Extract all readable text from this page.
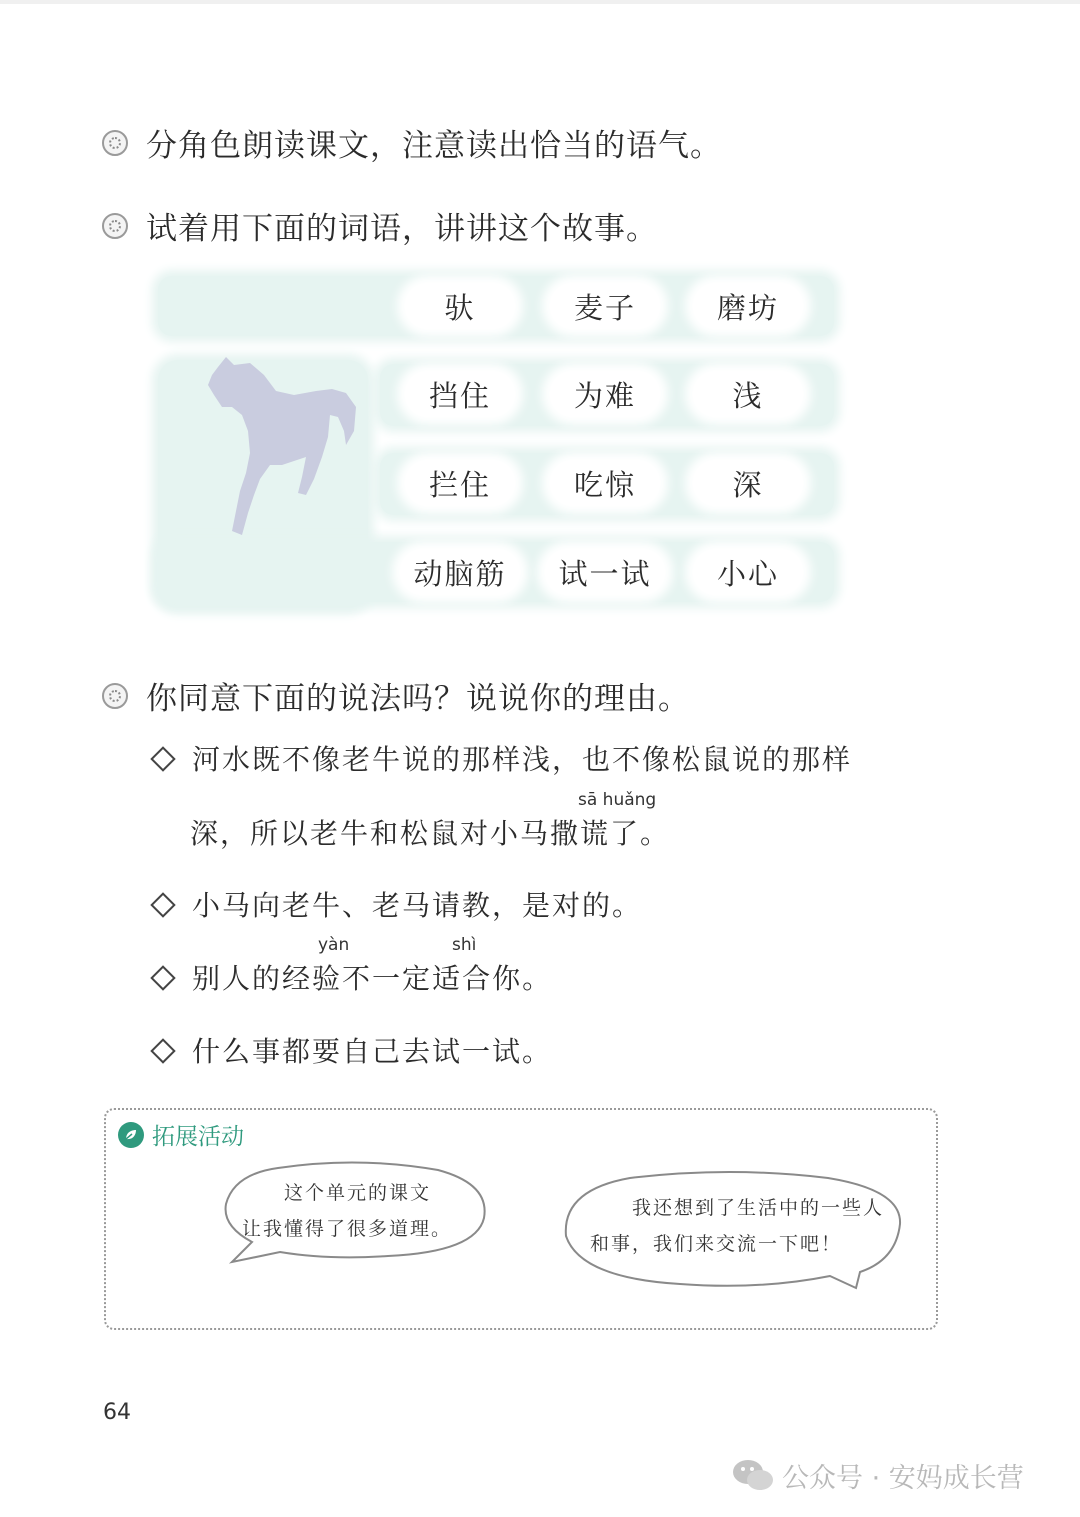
分角色朗读课文，注意读出恰当的语气。
试着用下面的词语，讲讲这个故事。
驮	麦子	磨坊
挡住	为难	浅
拦住	吃惊	深
动脑筋	试一试	小心
你同意下面的说法吗？说说你的理由。
河水既不像老牛说的那样浅，也不像松鼠说的那样
sā huǎng
深，所以老牛和松鼠对小马撒谎了。
小马向老牛、老马请教，是对的。
yàn	shì
别人的经验不一定适合你。
什么事都要自己去试一试。
拓展活动
这个单元的课文
让我懂得了很多道理。
我还想到了生活中的一些人
和事，我们来交流一下吧！
64
公众号 · 安妈成长营
